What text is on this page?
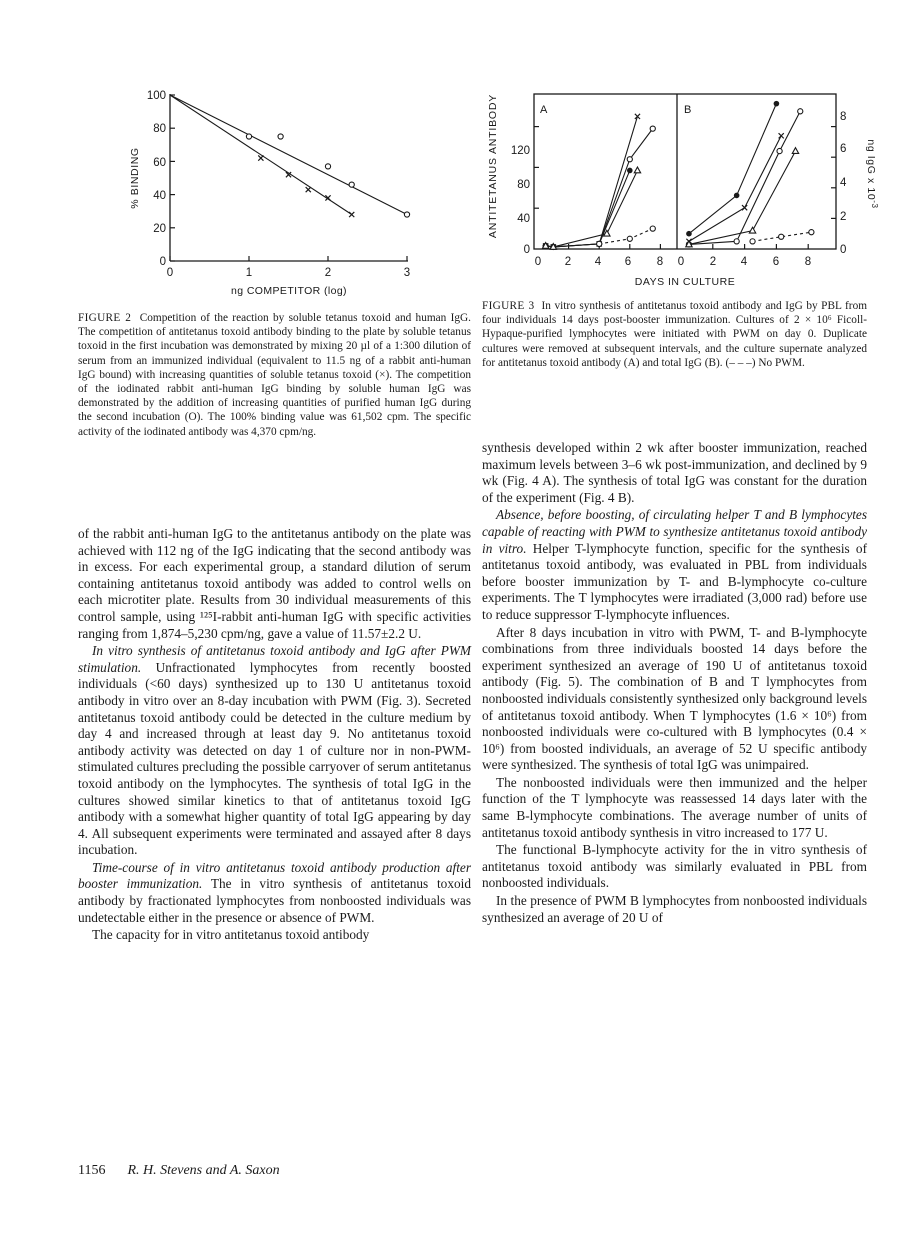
100
80
60
40
20
0
0	1	2	3
ng COMPETITOR (log)
% BINDING

FIGURE 2 Competition of the reaction by soluble tetanus toxoid and human IgG. The competition of antitetanus toxoid antibody binding to the plate by soluble tetanus toxoid in the first incubation was demonstrated by mixing 20 µl of a 1:300 dilution of serum from an immunized individual (equivalent to 11.5 ng of a rabbit anti-human IgG bound) with increasing quantities of soluble tetanus toxoid (×). The competition of the iodinated rabbit anti-human IgG binding by soluble human IgG was demonstrated by the addition of increasing quantities of purified human IgG during the second incubation (O). The 100% binding value was 61,502 cpm. The specific activity of the iodinated antibody was 4,370 cpm/ng.

A	B
120
80
40
0
8
6
4
2
0
0 2 4 6 8 0 2 4 6 8
DAYS IN CULTURE
ANTITETANUS ANTIBODY	ng IgG x $10^{-3}$

FIGURE 3 In vitro synthesis of antitetanus toxoid antibody and IgG by PBL from four individuals 14 days post-booster immunization. Cultures of 2 × 10⁶ Ficoll-Hypaque-purified lymphocytes were initiated with PWM on day 0. Duplicate cultures were removed at subsequent intervals, and the culture supernate analyzed for antitetanus toxoid antibody (A) and total IgG (B). (– – –) No PWM.

of the rabbit anti-human IgG to the antitetanus antibody on the plate was achieved with 112 ng of the IgG indicating that the second antibody was in excess. For each experimental group, a standard dilution of serum containing antitetanus toxoid antibody was added to control wells on each microtiter plate. Results from 30 individual measurements of this control sample, using ¹²⁵I-rabbit anti-human IgG with specific activities ranging from 1,874–5,230 cpm/ng, gave a value of 11.57±2.2 U.

In vitro synthesis of antitetanus toxoid antibody and IgG after PWM stimulation. Unfractionated lymphocytes from recently boosted individuals (<60 days) synthesized up to 130 U antitetanus toxoid antibody in vitro over an 8-day incubation with PWM (Fig. 3). Secreted antitetanus toxoid antibody could be detected in the culture medium by day 4 and increased through at least day 9. No antitetanus toxoid antibody activity was detected on day 1 of culture nor in non-PWM-stimulated cultures precluding the possible carryover of serum antitetanus toxoid antibody on the lymphocytes. The synthesis of total IgG in the cultures showed similar kinetics to that of antitetanus toxoid IgG antibody with a somewhat higher quantity of total IgG appearing by day 4. All subsequent experiments were terminated and assayed after 8 days incubation.

Time-course of in vitro antitetanus toxoid antibody production after booster immunization. The in vitro synthesis of antitetanus toxoid antibody by fractionated lymphocytes from nonboosted individuals was undetectable either in the presence or absence of PWM.

The capacity for in vitro antitetanus toxoid antibody

synthesis developed within 2 wk after booster immunization, reached maximum levels between 3–6 wk post-immunization, and declined by 9 wk (Fig. 4 A). The synthesis of total IgG was constant for the duration of the experiment (Fig. 4 B).

Absence, before boosting, of circulating helper T and B lymphocytes capable of reacting with PWM to synthesize antitetanus toxoid antibody in vitro. Helper T-lymphocyte function, specific for the synthesis of antitetanus toxoid antibody, was evaluated in PBL from individuals before booster immunization by T- and B-lymphocyte co-culture experiments. The T lymphocytes were irradiated (3,000 rad) before use to reduce suppressor T-lymphocyte influences.

After 8 days incubation in vitro with PWM, T- and B-lymphocyte combinations from three individuals boosted 14 days before the experiment synthesized an average of 190 U of antitetanus toxoid antibody (Fig. 5). The combination of B and T lymphocytes from nonboosted individuals consistently synthesized only background levels of antitetanus toxoid antibody. When T lymphocytes (1.6 × 10⁶) from nonboosted individuals were co-cultured with B lymphocytes (0.4 × 10⁶) from boosted individuals, an average of 52 U specific antibody were synthesized. The synthesis of total IgG was unimpaired.

The nonboosted individuals were then immunized and the helper function of the T lymphocyte was reassessed 14 days later with the same B-lymphocyte combinations. The average number of units of antitetanus toxoid antibody synthesis in vitro increased to 177 U.

The functional B-lymphocyte activity for the in vitro synthesis of antitetanus toxoid antibody was similarly evaluated in PBL from nonboosted individuals.

In the presence of PWM B lymphocytes from nonboosted individuals synthesized an average of 20 U of

1156 R. H. Stevens and A. Saxon
